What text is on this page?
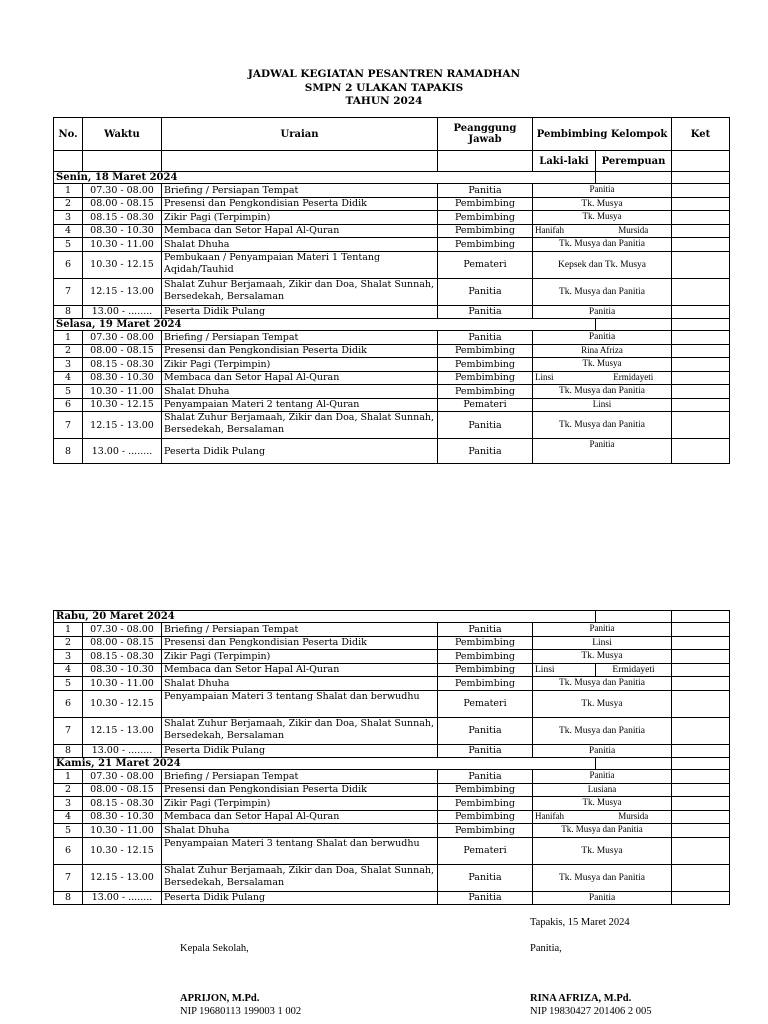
JADWAL KEGIATAN PESANTREN RAMADHAN
SMPN 2 ULAKAN TAPAKIS
TAHUN 2024
No.	Waktu	Uraian	Peanggung Jawab	Pembimbing Kelompok		Ket
				Laki-laki	Perempuan	
Senin, 18 Maret 2024						
1	07.30 - 08.00	Briefing / Persiapan Tempat	Panitia	Panitia		
2	08.00 - 08.15	Presensi dan Pengkondisian Peserta Didik	Pembimbing	Tk. Musya		
3	08.15 - 08.30	Zikir Pagi (Terpimpin)	Pembimbing	Tk. Musya		
4	08.30 - 10.30	Membaca dan Setor Hapal Al-Quran	Pembimbing	Hanifah	Mursida	
5	10.30 - 11.00	Shalat Dhuha	Pembimbing	Tk. Musya dan Panitia		
6	10.30 - 12.15	Pembukaan / Penyampaian Materi 1 Tentang Aqidah/Tauhid	Pemateri	Kepsek dan Tk. Musya		
7	12.15 - 13.00	Shalat Zuhur Berjamaah, Zikir dan Doa, Shalat Sunnah, Bersedekah, Bersalaman	Panitia	Tk. Musya dan Panitia		
8	13.00 - ........	Peserta Didik Pulang	Panitia	Panitia		
Selasa, 19 Maret 2024						
1	07.30 - 08.00	Briefing / Persiapan Tempat	Panitia	Panitia		
2	08.00 - 08.15	Presensi dan Pengkondisian Peserta Didik	Pembimbing	Rina Afriza		
3	08.15 - 08.30	Zikir Pagi (Terpimpin)	Pembimbing	Tk. Musya		
4	08.30 - 10.30	Membaca dan Setor Hapal Al-Quran	Pembimbing	Linsi	Ermidayeti	
5	10.30 - 11.00	Shalat Dhuha	Pembimbing	Tk. Musya dan Panitia		
6	10.30 - 12.15	Penyampaian Materi 2 tentang Al-Quran	Pemateri	Linsi		
7	12.15 - 13.00	Shalat Zuhur Berjamaah, Zikir dan Doa, Shalat Sunnah, Bersedekah, Bersalaman	Panitia	Tk. Musya dan Panitia		
8	13.00 - ........	Peserta Didik Pulang	Panitia	Panitia		
Rabu, 20 Maret 2024						
1	07.30 - 08.00	Briefing / Persiapan Tempat	Panitia	Panitia		
2	08.00 - 08.15	Presensi dan Pengkondisian Peserta Didik	Pembimbing	Linsi		
3	08.15 - 08.30	Zikir Pagi (Terpimpin)	Pembimbing	Tk. Musya		
4	08.30 - 10.30	Membaca dan Setor Hapal Al-Quran	Pembimbing	Linsi	Ermidayeti	
5	10.30 - 11.00	Shalat Dhuha	Pembimbing	Tk. Musya dan Panitia		
6	10.30 - 12.15	Penyampaian Materi 3 tentang Shalat dan berwudhu	Pemateri	Tk. Musya		
7	12.15 - 13.00	Shalat Zuhur Berjamaah, Zikir dan Doa, Shalat Sunnah, Bersedekah, Bersalaman	Panitia	Tk. Musya dan Panitia		
8	13.00 - ........	Peserta Didik Pulang	Panitia	Panitia		
Kamis, 21 Maret 2024						
1	07.30 - 08.00	Briefing / Persiapan Tempat	Panitia	Panitia		
2	08.00 - 08.15	Presensi dan Pengkondisian Peserta Didik	Pembimbing	Lusiana		
3	08.15 - 08.30	Zikir Pagi (Terpimpin)	Pembimbing	Tk. Musya		
4	08.30 - 10.30	Membaca dan Setor Hapal Al-Quran	Pembimbing	Hanifah	Mursida	
5	10.30 - 11.00	Shalat Dhuha	Pembimbing	Tk. Musya dan Panitia		
6	10.30 - 12.15	Penyampaian Materi 3 tentang Shalat dan berwudhu	Pemateri	Tk. Musya		
7	12.15 - 13.00	Shalat Zuhur Berjamaah, Zikir dan Doa, Shalat Sunnah, Bersedekah, Bersalaman	Panitia	Tk. Musya dan Panitia		
8	13.00 - ........	Peserta Didik Pulang	Panitia	Panitia		
Tapakis, 15 Maret 2024
Kepala Sekolah,	Panitia,
APRIJON, M.Pd.
NIP 19680113 199003 1 002
RINA AFRIZA, M.Pd.
NIP 19830427 201406 2 005
